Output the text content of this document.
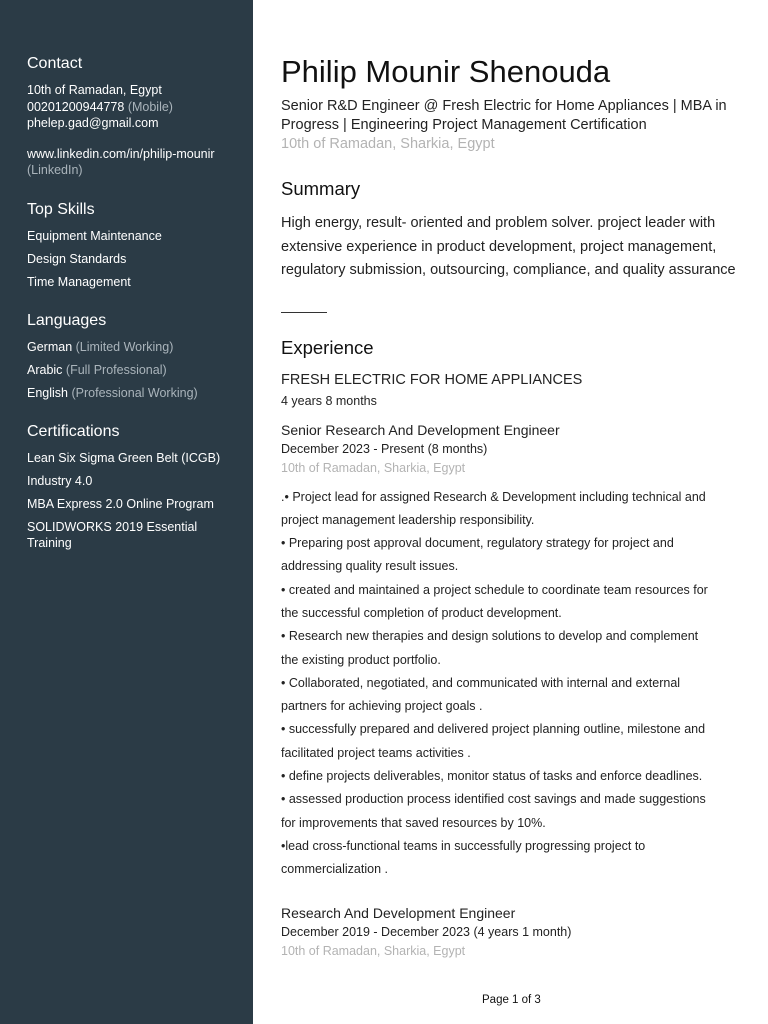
Contact
10th of Ramadan, Egypt
00201200944778 (Mobile)
phelep.gad@gmail.com
www.linkedin.com/in/philip-mounir
(LinkedIn)
Top Skills
Equipment Maintenance
Design Standards
Time Management
Languages
German (Limited Working)
Arabic (Full Professional)
English (Professional Working)
Certifications
Lean Six Sigma Green Belt (ICGB)
Industry 4.0
MBA Express 2.0 Online Program
SOLIDWORKS 2019 Essential Training
Philip Mounir Shenouda
Senior R&D Engineer @ Fresh Electric for Home Appliances | MBA in Progress | Engineering Project Management Certification
10th of Ramadan, Sharkia, Egypt
Summary
High energy, result- oriented and problem solver. project leader with extensive experience in product development, project management, regulatory submission, outsourcing, compliance, and quality assurance
Experience
FRESH ELECTRIC FOR HOME APPLIANCES
4 years 8 months
Senior Research And Development Engineer
December 2023 - Present (8 months)
10th of Ramadan, Sharkia, Egypt
.• Project lead for assigned Research & Development including technical and
project management leadership responsibility.
• Preparing post approval document, regulatory strategy for project and
addressing quality result issues.
• created and maintained a project schedule to coordinate team resources for
the successful completion of product development.
• Research new therapies and design solutions to develop and complement
the existing product portfolio.
• Collaborated, negotiated, and communicated with internal and external
partners for achieving project goals .
• successfully prepared and delivered project planning outline, milestone and
facilitated project teams activities .
• define projects deliverables, monitor status of tasks and enforce deadlines.
• assessed production process identified cost savings and made suggestions
for improvements that saved resources by 10%.
•lead cross-functional teams in successfully progressing project to
commercialization .
Research And Development Engineer
December 2019 - December 2023 (4 years 1 month)
10th of Ramadan, Sharkia, Egypt
Page 1 of 3
